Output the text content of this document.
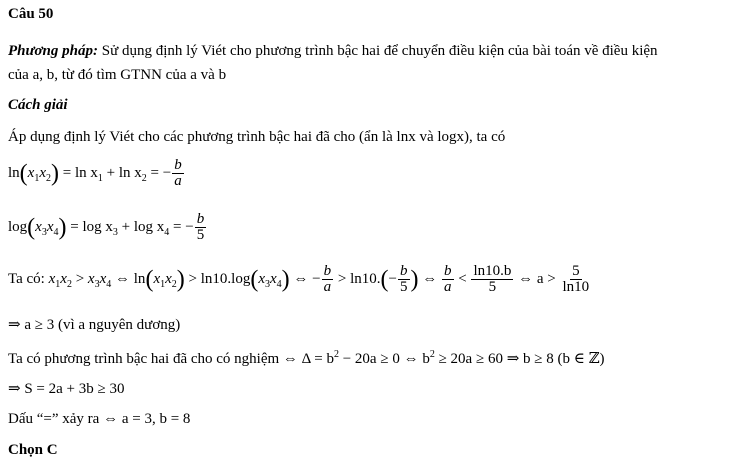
Câu 50
Phương pháp: Sử dụng định lý Viét cho phương trình bậc hai để chuyển điều kiện của bài toán về điều kiện
của a, b, từ đó tìm GTNN của a và b
Cách giải
Áp dụng định lý Viét cho các phương trình bậc hai đã cho (ẩn là lnx và logx), ta có
$\ln(x_1x_2) = \ln x_1 + \ln x_2$ = − $\frac{b}{a}$
$\log(x_3x_4) = \log x_3 + \log x_4$ = − $\frac{b}{5}$
Ta có: $x_1x_2 > x_3x_4$ ⇔ $\ln(x_1x_2) > \ln 10.\log(x_3x_4)$ ⇔ − $\frac{b}{a} > \ln 10.(- \frac{b}{5}$ ) ⇔ $\frac{b}{a} < \frac{\ln 10.b}{5}$ ⇔ $a > \frac{5}{\ln 10}$
⇒ a ≥ 3 (vì a nguyên dương)
Ta có phương trình bậc hai đã cho có nghiệm ⇔ $\Delta = b^2 - 20a \ge 0$ ⇔ $b^2 \ge 20a \ge 60$ ⇒ b ≥ 8 (b ∈ ℤ)
⇒ S = 2a + 3b ≥ 30
Dấu “=” xảy ra ⇔ a = 3, b = 8
Chọn C
